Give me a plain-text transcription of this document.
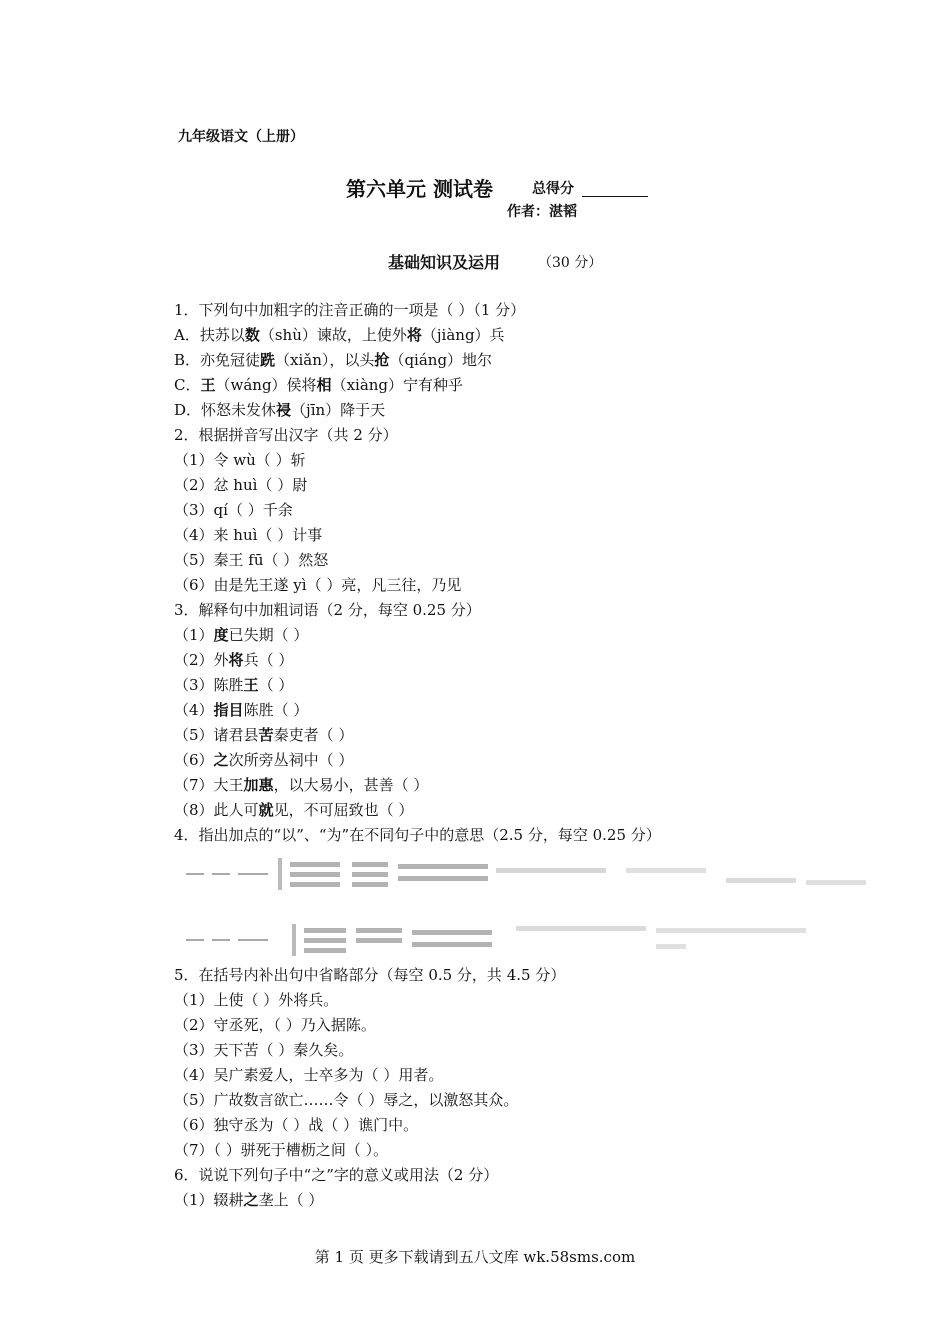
九年级语文（上册）
第六单元 测试卷	总得分
作者：湛韬
基础知识及运用	（30 分）
1．下列句中加粗字的注音正确的一项是（ ）（1 分）
A．扶苏以数（shù）谏故，上使外将（jiàng）兵
B．亦免冠徒跣（xiǎn），以头抢（qiáng）地尔
C．王（wáng）侯将相（xiàng）宁有种乎
D．怀怒未发休祲（jīn）降于天
2．根据拼音写出汉字（共 2 分）
（1）令 wù（ ）斩
（2）忿 huì（ ）尉
（3）qí（ ）千余
（4）来 huì（ ）计事
（5）秦王 fū（ ）然怒
（6）由是先王遂 yì（ ）亮，凡三往，乃见
3．解释句中加粗词语（2 分，每空 0.25 分）
（1）度已失期（ ）
（2）外将兵（ ）
（3）陈胜王（ ）
（4）指目陈胜（ ）
（5）诸君县苦秦吏者（ ）
（6）之次所旁丛祠中（ ）
（7）大王加惠，以大易小，甚善（ ）
（8）此人可就见，不可屈致也（ ）
4．指出加点的“以”、“为”在不同句子中的意思（2.5 分，每空 0.25 分）
5．在括号内补出句中省略部分（每空 0.5 分，共 4.5 分）
（1）上使（ ）外将兵。
（2）守丞死，（ ）乃入据陈。
（3）天下苦（ ）秦久矣。
（4）吴广素爱人，士卒多为（ ）用者。
（5）广故数言欲亡……令（ ）辱之，以激怒其众。
（6）独守丞为（ ）战（ ）谯门中。
（7）（ ）骈死于槽枥之间（ ）。
6．说说下列句子中“之”字的意义或用法（2 分）
（1）辍耕之垄上（ ）
第 1 页 更多下载请到五八文库 wk.58sms.com
